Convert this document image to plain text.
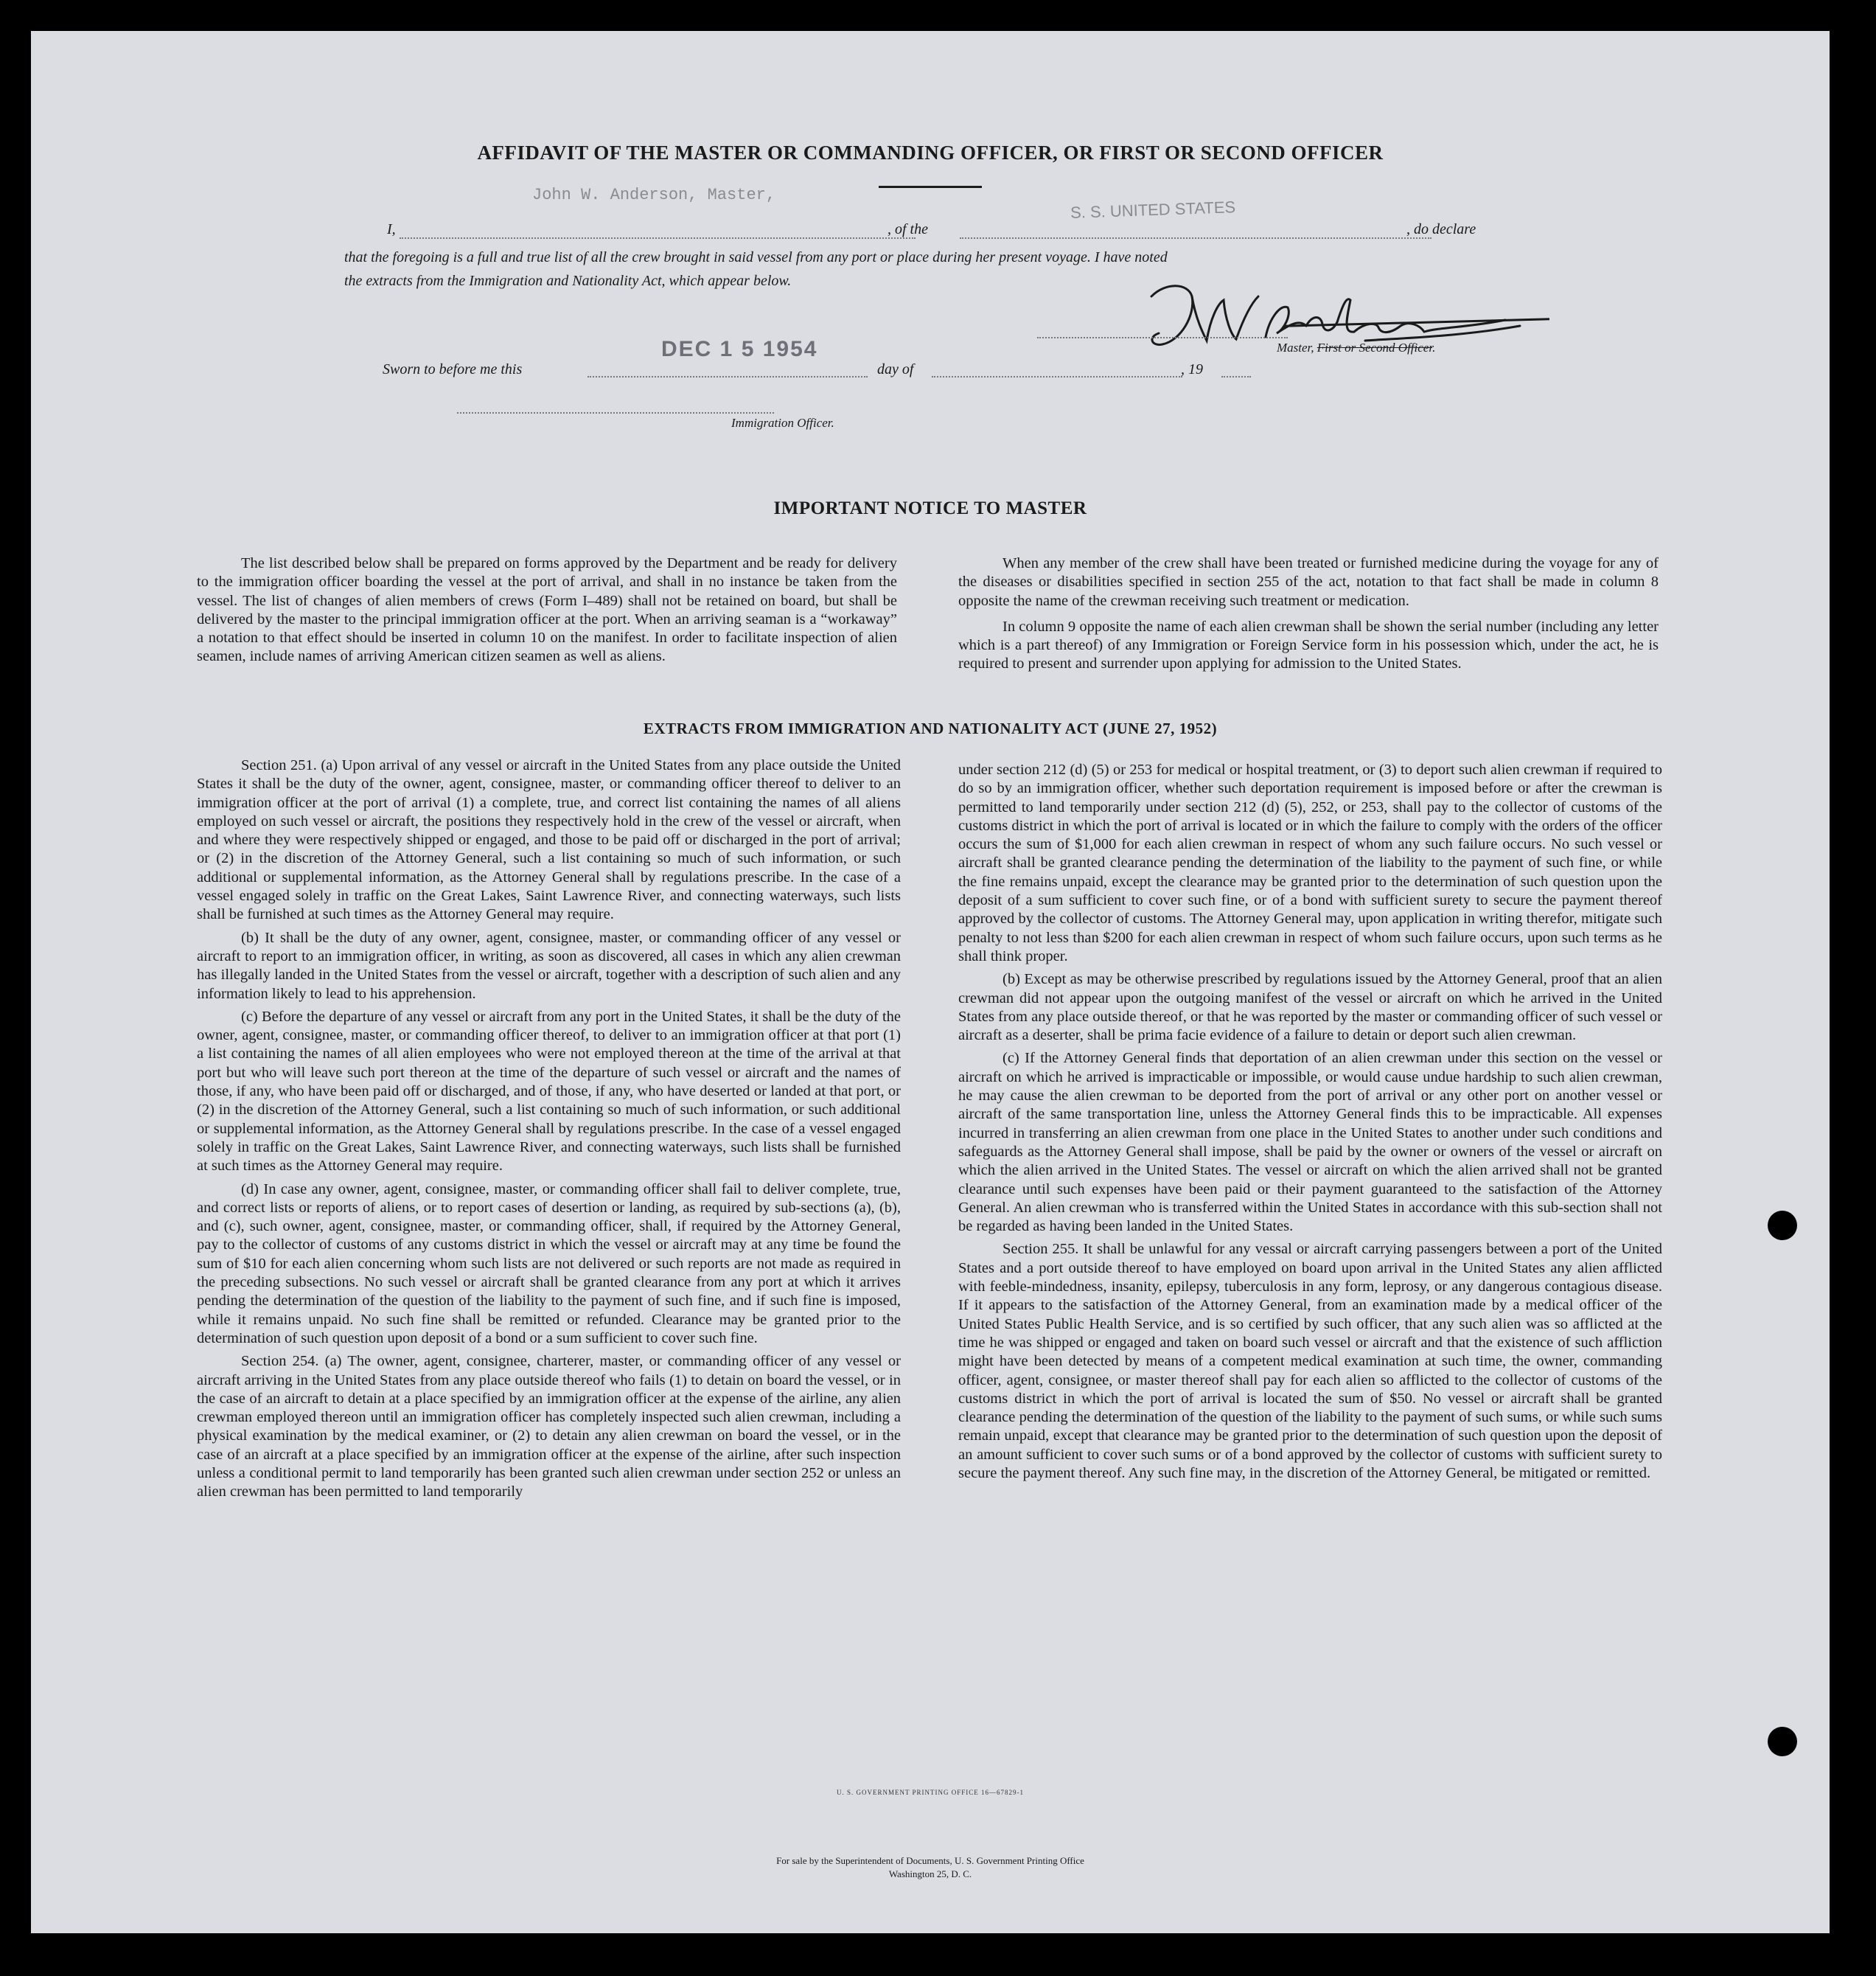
AFFIDAVIT OF THE MASTER OR COMMANDING OFFICER, OR FIRST OR SECOND OFFICER
John W. Anderson, Master,
S. S. UNITED STATES
I,	, of the	, do declare
that the foregoing is a full and true list of all the crew brought in said vessel from any port or place during her present voyage. I have noted
the extracts from the Immigration and Nationality Act, which appear below.
Master, First or Second Officer.
DEC 1 5 1954
Sworn to before me this	day of	, 19
Immigration Officer.
IMPORTANT NOTICE TO MASTER

The list described below shall be prepared on forms approved by the Department and be ready for delivery to the immigration officer boarding the vessel at the port of arrival, and shall in no instance be taken from the vessel. The list of changes of alien members of crews (Form I–489) shall not be retained on board, but shall be delivered by the master to the principal immigration officer at the port. When an arriving seaman is a “workaway” a notation to that effect should be inserted in column 10 on the manifest. In order to facilitate inspection of alien seamen, include names of arriving American citizen seamen as well as aliens.

When any member of the crew shall have been treated or furnished medicine during the voyage for any of the diseases or disabilities specified in section 255 of the act, notation to that fact shall be made in column 8 opposite the name of the crewman receiving such treatment or medication.

In column 9 opposite the name of each alien crewman shall be shown the serial number (including any letter which is a part thereof) of any Immigration or Foreign Service form in his possession which, under the act, he is required to present and surrender upon applying for admission to the United States.

EXTRACTS FROM IMMIGRATION AND NATIONALITY ACT (JUNE 27, 1952)

Section 251. (a) Upon arrival of any vessel or aircraft in the United States from any place outside the United States it shall be the duty of the owner, agent, consignee, master, or commanding officer thereof to deliver to an immigration officer at the port of arrival (1) a complete, true, and correct list containing the names of all aliens employed on such vessel or aircraft, the positions they respectively hold in the crew of the vessel or aircraft, when and where they were respectively shipped or engaged, and those to be paid off or discharged in the port of arrival; or (2) in the discretion of the Attorney General, such a list containing so much of such information, or such additional or supplemental information, as the Attorney General shall by regulations prescribe. In the case of a vessel engaged solely in traffic on the Great Lakes, Saint Lawrence River, and connecting waterways, such lists shall be furnished at such times as the Attorney General may require.

(b) It shall be the duty of any owner, agent, consignee, master, or commanding officer of any vessel or aircraft to report to an immigration officer, in writing, as soon as discovered, all cases in which any alien crewman has illegally landed in the United States from the vessel or aircraft, together with a description of such alien and any information likely to lead to his apprehension.

(c) Before the departure of any vessel or aircraft from any port in the United States, it shall be the duty of the owner, agent, consignee, master, or commanding officer thereof, to deliver to an immigration officer at that port (1) a list containing the names of all alien employees who were not employed thereon at the time of the arrival at that port but who will leave such port thereon at the time of the departure of such vessel or aircraft and the names of those, if any, who have been paid off or discharged, and of those, if any, who have deserted or landed at that port, or (2) in the discretion of the Attorney General, such a list containing so much of such information, or such additional or supplemental information, as the Attorney General shall by regulations prescribe. In the case of a vessel engaged solely in traffic on the Great Lakes, Saint Lawrence River, and connecting waterways, such lists shall be furnished at such times as the Attorney General may require.

(d) In case any owner, agent, consignee, master, or commanding officer shall fail to deliver complete, true, and correct lists or reports of aliens, or to report cases of desertion or landing, as required by sub-sections (a), (b), and (c), such owner, agent, consignee, master, or commanding officer, shall, if required by the Attorney General, pay to the collector of customs of any customs district in which the vessel or aircraft may at any time be found the sum of $10 for each alien concerning whom such lists are not delivered or such reports are not made as required in the preceding subsections. No such vessel or aircraft shall be granted clearance from any port at which it arrives pending the determination of the question of the liability to the payment of such fine, and if such fine is imposed, while it remains unpaid. No such fine shall be remitted or refunded. Clearance may be granted prior to the determination of such question upon deposit of a bond or a sum sufficient to cover such fine.

Section 254. (a) The owner, agent, consignee, charterer, master, or commanding officer of any vessel or aircraft arriving in the United States from any place outside thereof who fails (1) to detain on board the vessel, or in the case of an aircraft to detain at a place specified by an immigration officer at the expense of the airline, any alien crewman employed thereon until an immigration officer has completely inspected such alien crewman, including a physical examination by the medical examiner, or (2) to detain any alien crewman on board the vessel, or in the case of an aircraft at a place specified by an immigration officer at the expense of the airline, after such inspection unless a conditional permit to land temporarily has been granted such alien crewman under section 252 or unless an alien crewman has been permitted to land temporarily

under section 212 (d) (5) or 253 for medical or hospital treatment, or (3) to deport such alien crewman if required to do so by an immigration officer, whether such deportation requirement is imposed before or after the crewman is permitted to land temporarily under section 212 (d) (5), 252, or 253, shall pay to the collector of customs of the customs district in which the port of arrival is located or in which the failure to comply with the orders of the officer occurs the sum of $1,000 for each alien crewman in respect of whom any such failure occurs. No such vessel or aircraft shall be granted clearance pending the determination of the liability to the payment of such fine, or while the fine remains unpaid, except the clearance may be granted prior to the determination of such question upon the deposit of a sum sufficient to cover such fine, or of a bond with sufficient surety to secure the payment thereof approved by the collector of customs. The Attorney General may, upon application in writing therefor, mitigate such penalty to not less than $200 for each alien crewman in respect of whom such failure occurs, upon such terms as he shall think proper.

(b) Except as may be otherwise prescribed by regulations issued by the Attorney General, proof that an alien crewman did not appear upon the outgoing manifest of the vessel or aircraft on which he arrived in the United States from any place outside thereof, or that he was reported by the master or commanding officer of such vessel or aircraft as a deserter, shall be prima facie evidence of a failure to detain or deport such alien crewman.

(c) If the Attorney General finds that deportation of an alien crewman under this section on the vessel or aircraft on which he arrived is impracticable or impossible, or would cause undue hardship to such alien crewman, he may cause the alien crewman to be deported from the port of arrival or any other port on another vessel or aircraft of the same transportation line, unless the Attorney General finds this to be impracticable. All expenses incurred in transferring an alien crewman from one place in the United States to another under such conditions and safeguards as the Attorney General shall impose, shall be paid by the owner or owners of the vessel or aircraft on which the alien arrived in the United States. The vessel or aircraft on which the alien arrived shall not be granted clearance until such expenses have been paid or their payment guaranteed to the satisfaction of the Attorney General. An alien crewman who is transferred within the United States in accordance with this sub-section shall not be regarded as having been landed in the United States.

Section 255. It shall be unlawful for any vessal or aircraft carrying passengers between a port of the United States and a port outside thereof to have employed on board upon arrival in the United States any alien afflicted with feeble-mindedness, insanity, epilepsy, tuberculosis in any form, leprosy, or any dangerous contagious disease. If it appears to the satisfaction of the Attorney General, from an examination made by a medical officer of the United States Public Health Service, and is so certified by such officer, that any such alien was so afflicted at the time he was shipped or engaged and taken on board such vessel or aircraft and that the existence of such affliction might have been detected by means of a competent medical examination at such time, the owner, commanding officer, agent, consignee, or master thereof shall pay for each alien so afflicted to the collector of customs of the customs district in which the port of arrival is located the sum of $50. No vessel or aircraft shall be granted clearance pending the determination of the question of the liability to the payment of such sums, or while such sums remain unpaid, except that clearance may be granted prior to the determination of such question upon the deposit of an amount sufficient to cover such sums or of a bond approved by the collector of customs with sufficient surety to secure the payment thereof. Any such fine may, in the discretion of the Attorney General, be mitigated or remitted.

U. S. GOVERNMENT PRINTING OFFICE 16—67829-1
For sale by the Superintendent of Documents, U. S. Government Printing Office
Washington 25, D. C.
